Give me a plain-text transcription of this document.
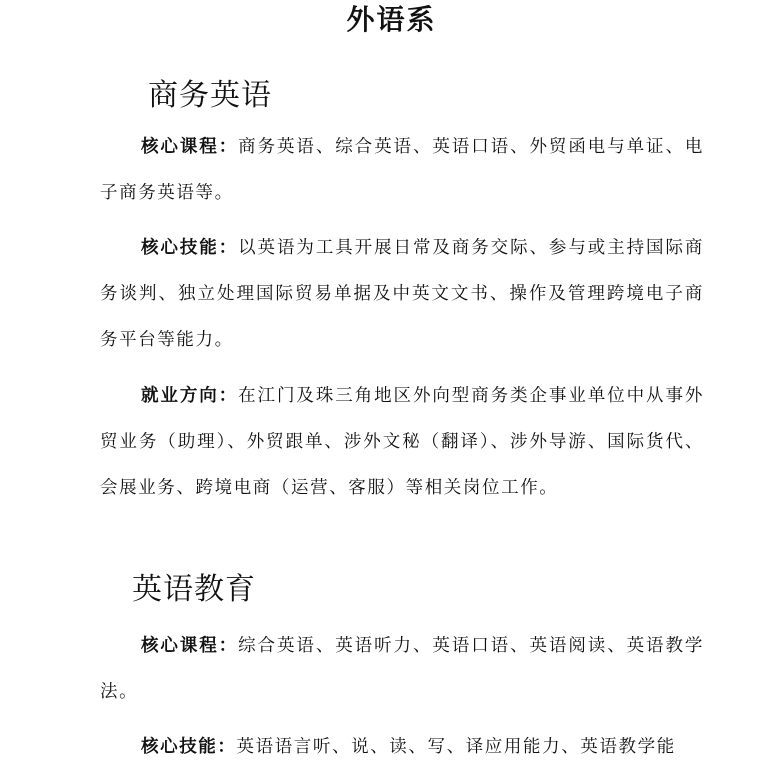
外语系
商务英语

核心课程：商务英语、综合英语、英语口语、外贸函电与单证、电子商务英语等。

核心技能：以英语为工具开展日常及商务交际、参与或主持国际商务谈判、独立处理国际贸易单据及中英文文书、操作及管理跨境电子商务平台等能力。

就业方向：在江门及珠三角地区外向型商务类企事业单位中从事外贸业务（助理）、外贸跟单、涉外文秘（翻译）、涉外导游、国际货代、会展业务、跨境电商（运营、客服）等相关岗位工作。

英语教育

核心课程：综合英语、英语听力、英语口语、英语阅读、英语教学法。

核心技能：英语语言听、说、读、写、译应用能力、英语教学能
